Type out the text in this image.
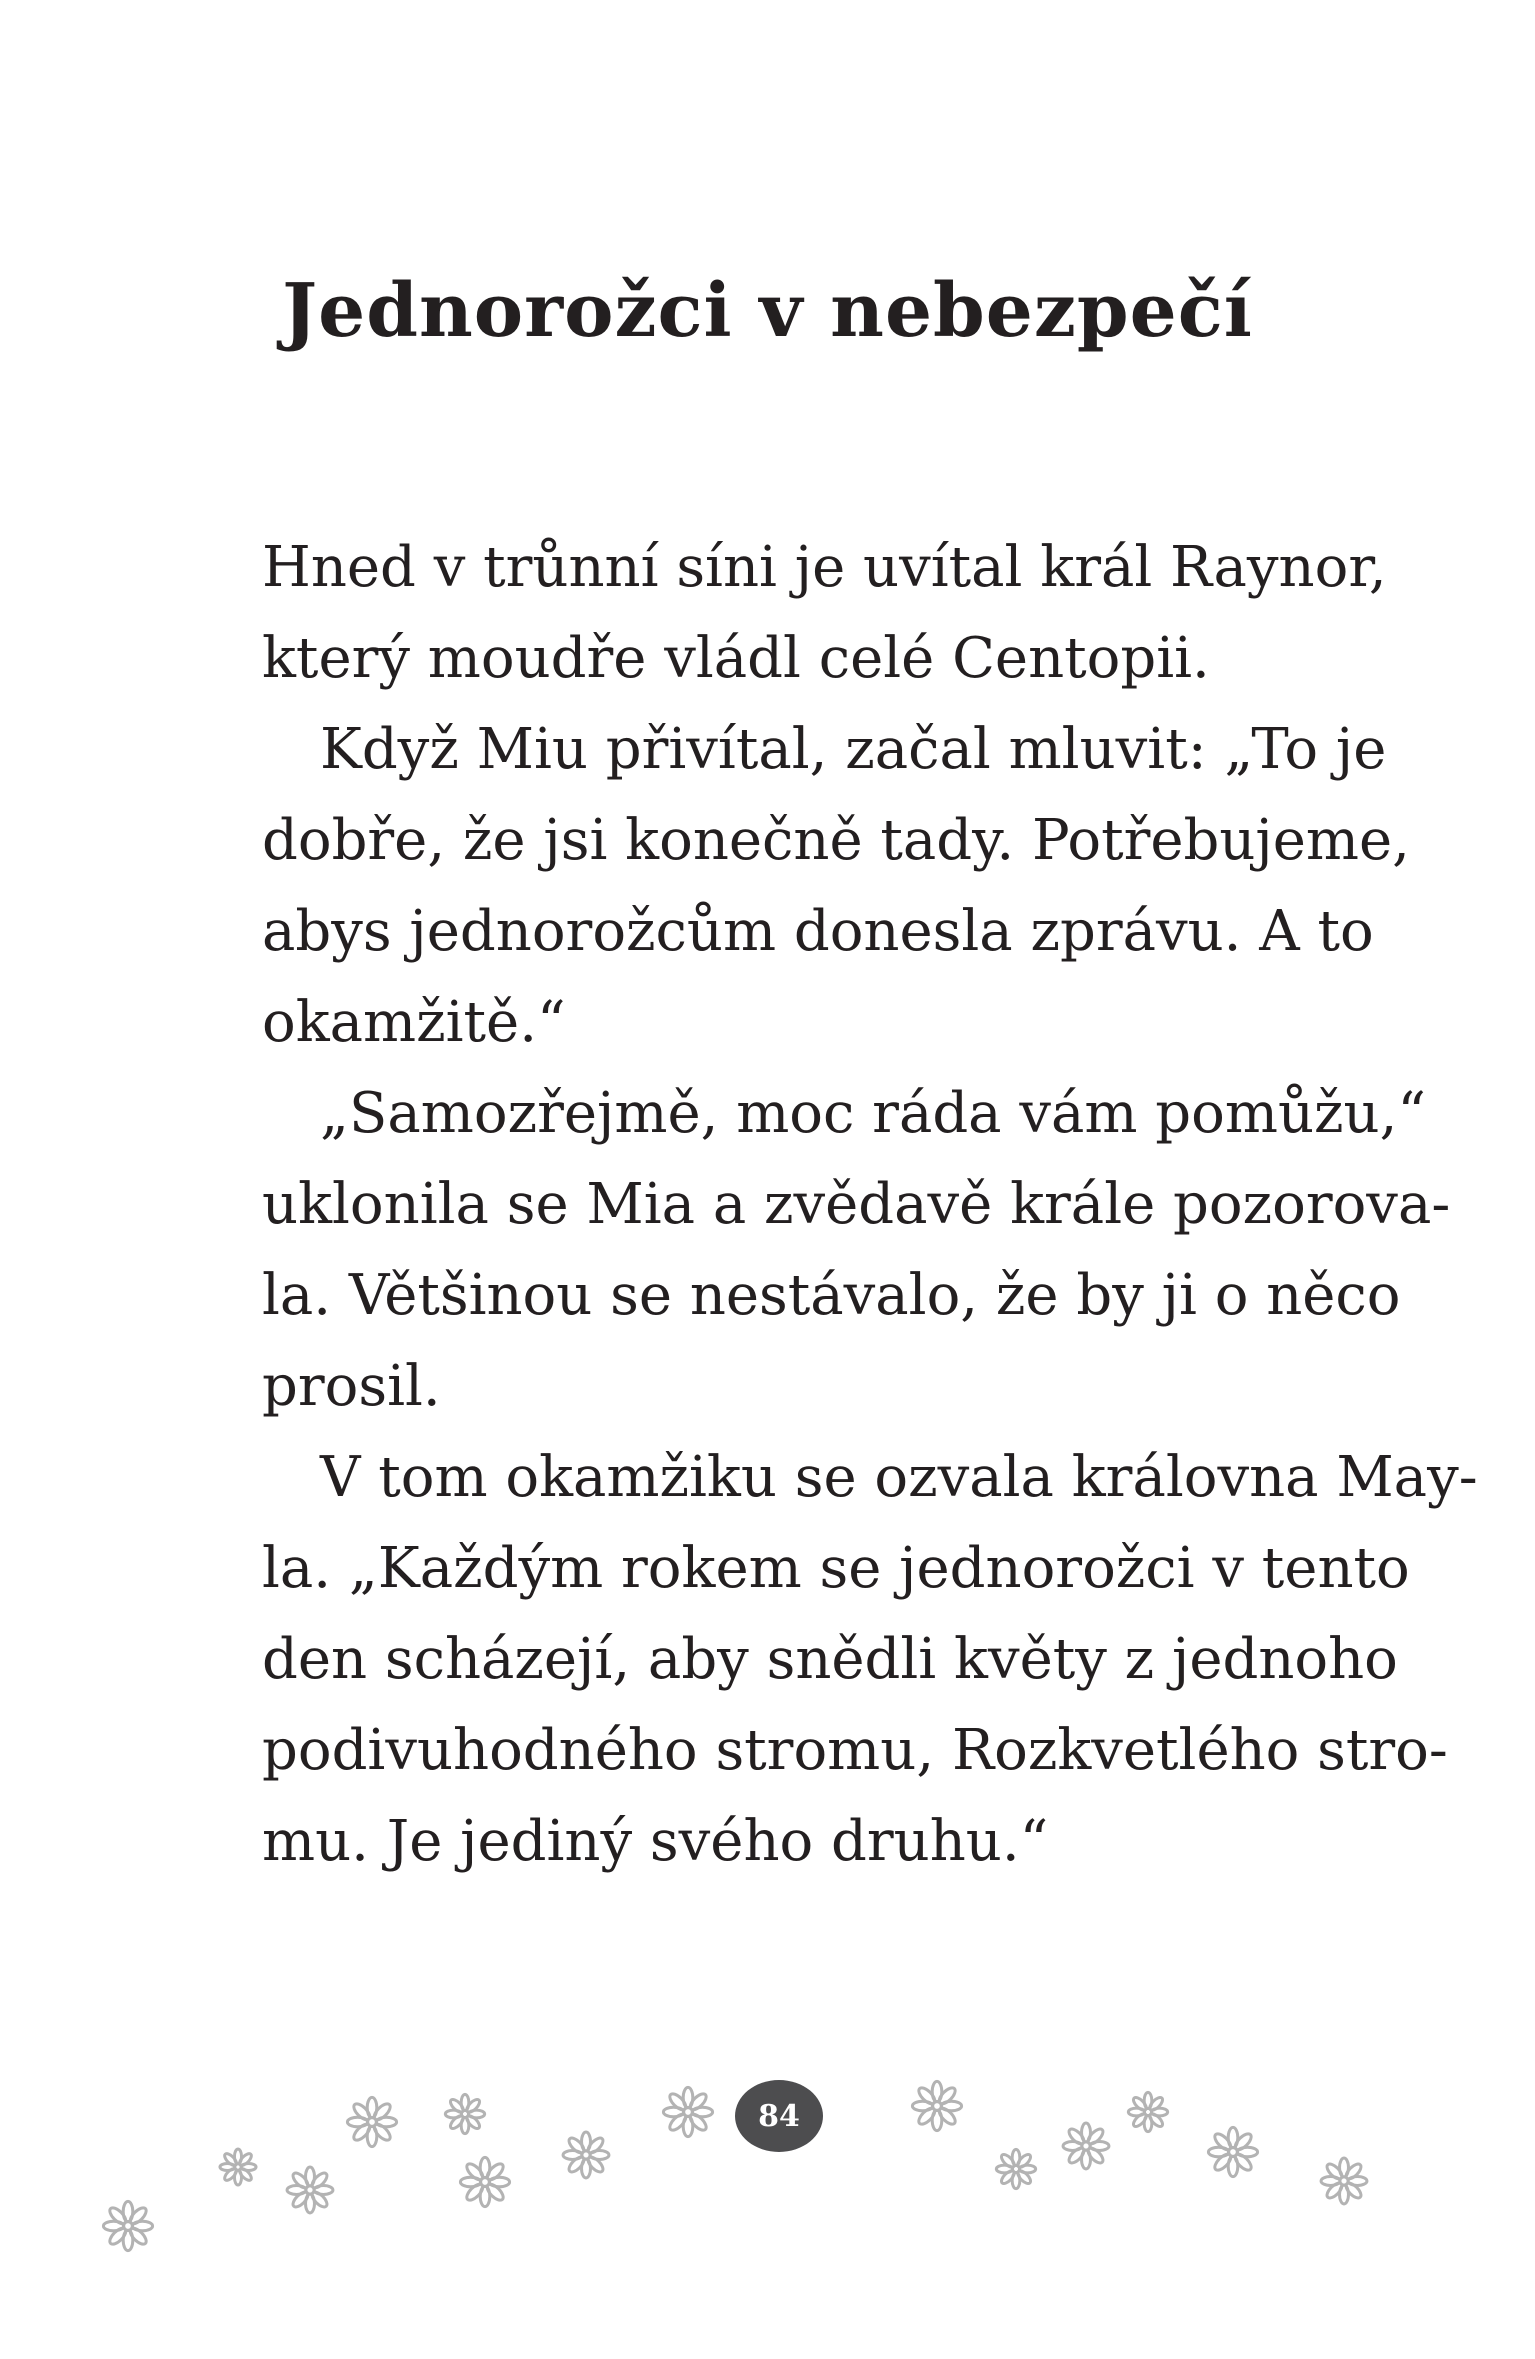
Jednorožci v nebezpečí

Hned v trůnní síni je uvítal král Raynor,
který moudře vládl celé Centopii.

Když Miu přivítal, začal mluvit: „To je
dobře, že jsi konečně tady. Potřebujeme,
abys jednorožcům donesla zprávu. A to
okamžitě.“

„Samozřejmě, moc ráda vám pomůžu,“
uklonila se Mia a zvědavě krále pozorova-
la. Většinou se nestávalo, že by ji o něco
prosil.

V tom okamžiku se ozvala královna May-
la. „Každým rokem se jednorožci v tento
den scházejí, aby snědli květy z jednoho
podivuhodného stromu, Rozkvetlého stro-
mu. Je jediný svého druhu.“

84
